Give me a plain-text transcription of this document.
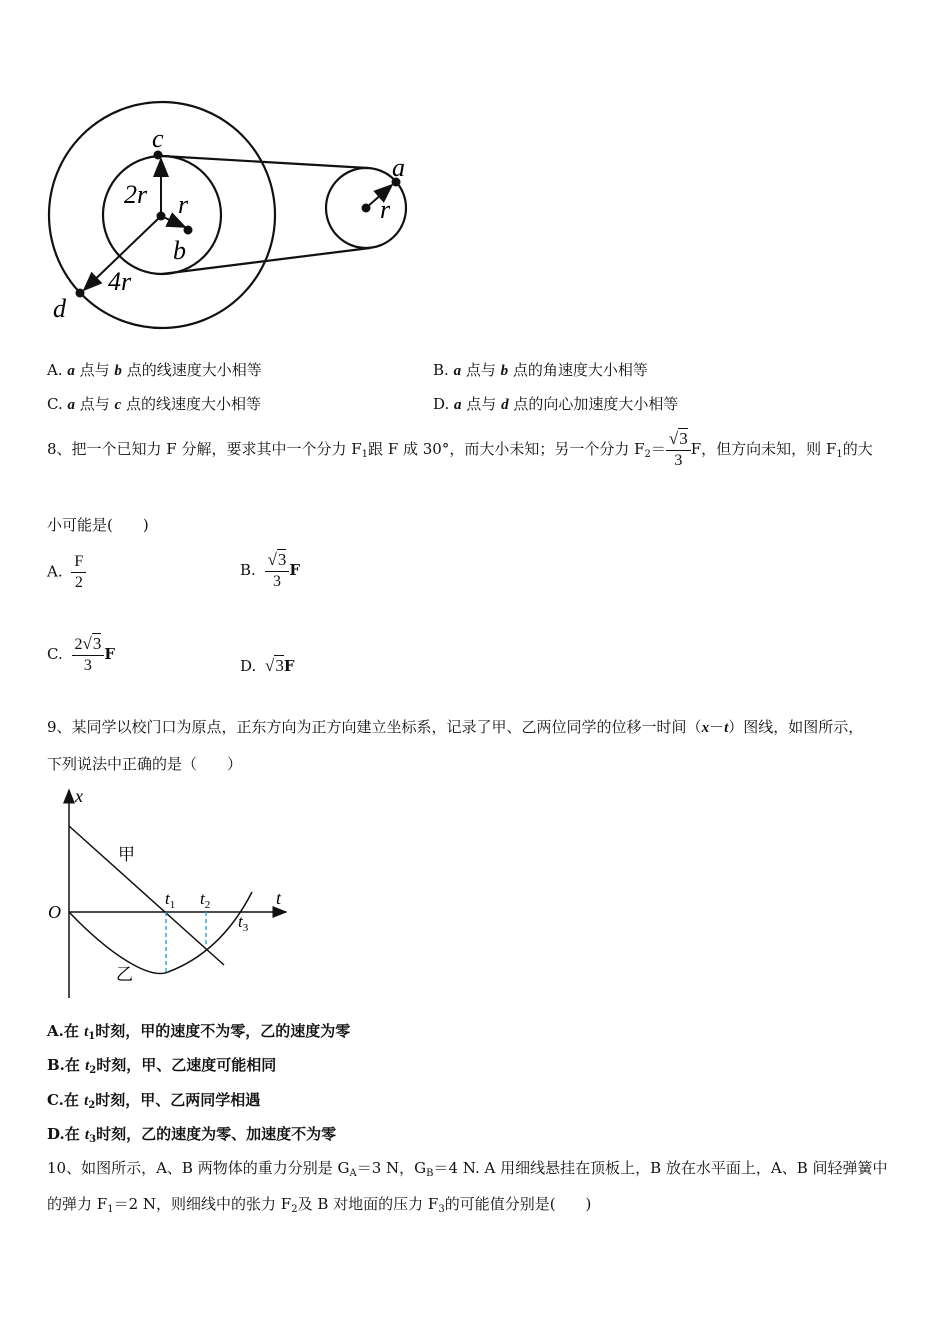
c
a
b
d
2r r	r
4r
A. a 点与 b 点的线速度大小相等	B. a 点与 b 点的角速度大小相等
C. a 点与 c 点的线速度大小相等	D. a 点与 d 点的向心加速度大小相等
8、把一个已知力 F 分解，要求其中一个分力 $F_1$跟 F 成 30°，而大小未知；另一个分力 $F_2= \frac{√3}{3}$ F，但方向未知，则 $F_1$的大
小可能是(　　)
A. $\frac{F}{2}$	B. $\frac{√3}{3}$ F
C. $\frac{2√3}{3}$ F
D. √3F
9、某同学以校门口为原点，正东方向为正方向建立坐标系，记录了甲、乙两位同学的位移一时间（x－t）图线，如图所示，
下列说法中正确的是（　　）
x
t
O
甲
乙
$t_1$ $t_2$
$t_3$
A.在 $t_1$时刻，甲的速度不为零，乙的速度为零
B.在 $t_2$时刻，甲、乙速度可能相同
C.在 $t_2$时刻，甲、乙两同学相遇
D.在 $t_3$时刻，乙的速度为零、加速度不为零
10、如图所示，A、B 两物体的重力分别是 $G_A=3$ N，$G_B=4$ N. A 用细线悬挂在顶板上，B 放在水平面上，A、B 间轻弹簧中
的弹力 $F_1=2$ N，则细线中的张力 $F_2$及 B 对地面的压力 $F_3$的可能值分别是(　　)
